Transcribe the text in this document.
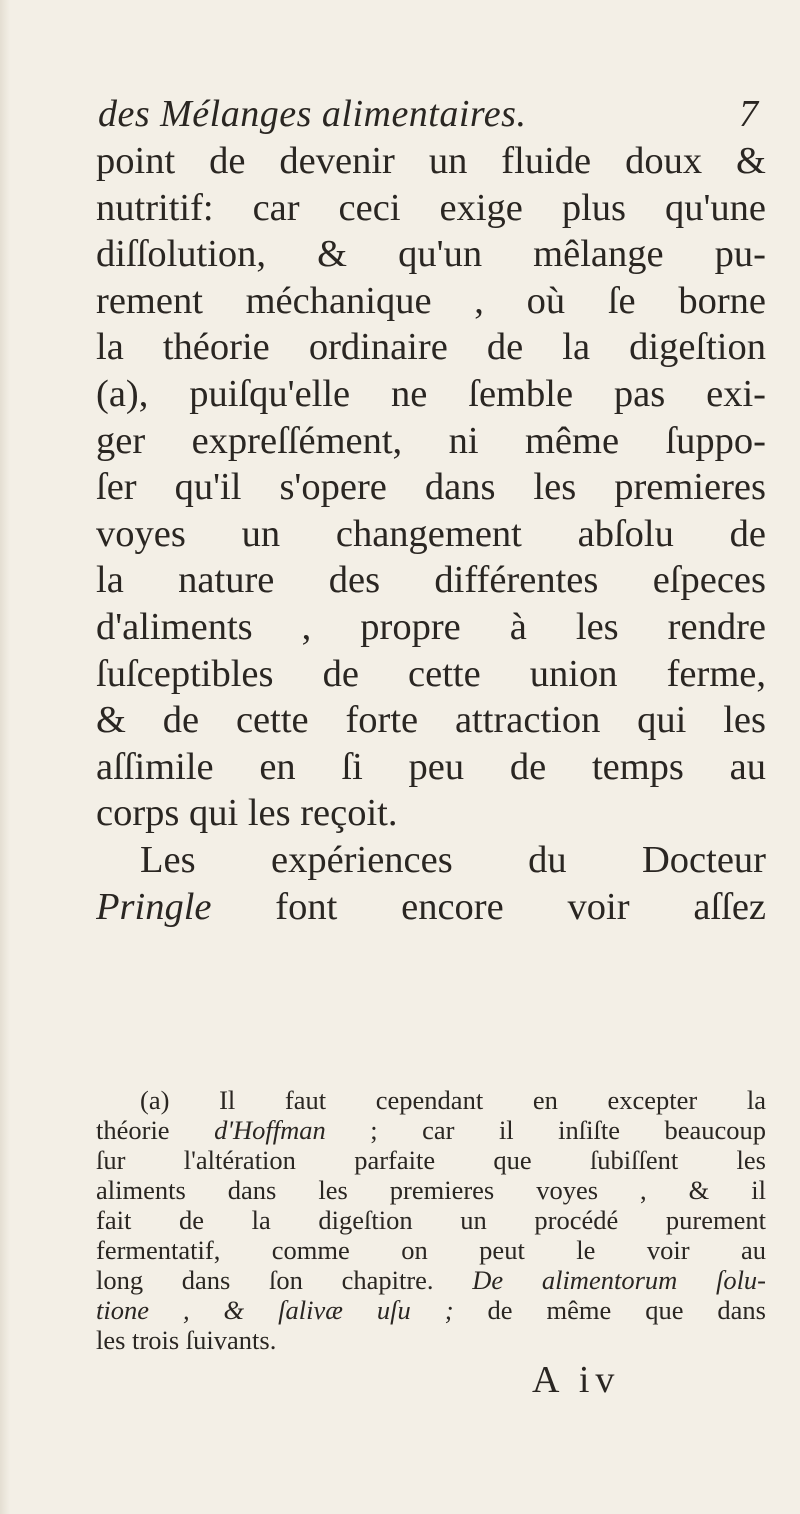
des Mélanges alimentaires.	7
point de devenir un fluide doux &
nutritif: car ceci exige plus qu'une
diſſolution, & qu'un mêlange pu-
rement méchanique , où ſe borne
la théorie ordinaire de la digeſtion
(a), puiſqu'elle ne ſemble pas exi-
ger expreſſément, ni même ſuppo-
ſer qu'il s'opere dans les premieres
voyes un changement abſolu de
la nature des différentes eſpeces
d'aliments , propre à les rendre
ſuſceptibles de cette union ferme,
& de cette forte attraction qui les
aſſimile en ſi peu de temps au
corps qui les reçoit.
Les expériences du Docteur
Pringle font encore voir aſſez
(a) Il faut cependant en excepter la
théorie d'Hoffman ; car il inſiſte beaucoup
ſur l'altération parfaite que ſubiſſent les
aliments dans les premieres voyes , & il
fait de la digeſtion un procédé purement
fermentatif, comme on peut le voir au
long dans ſon chapitre. De alimentorum ſolu-
tione , & ſalivæ uſu ; de même que dans
les trois ſuivants.
A iv
